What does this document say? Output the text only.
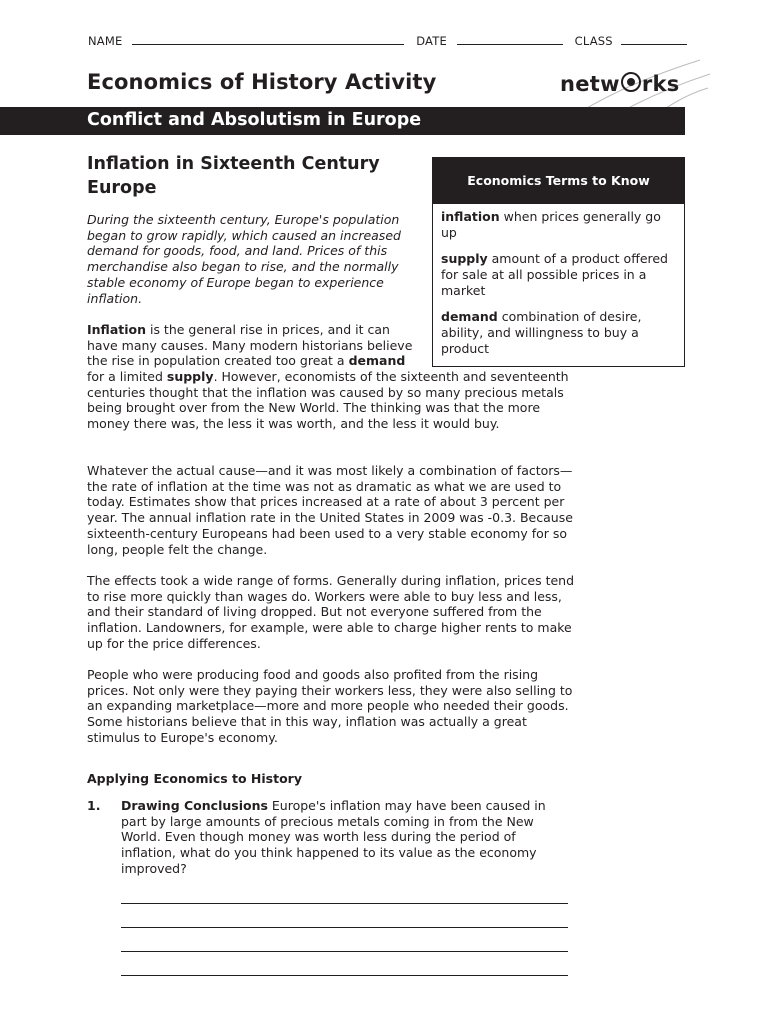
NAME	DATE	CLASS
Economics of History Activity	netw rks
Conflict and Absolutism in Europe
Inflation in Sixteenth Century Europe	Economics Terms to Know

inflation when prices generally go up

supply amount of a product offered for sale at all possible prices in a market

demand combination of desire, ability, and willingness to buy a product

During the sixteenth century, Europe's population began to grow rapidly, which caused an increased demand for goods, food, and land. Prices of this merchandise also began to rise, and the normally stable economy of Europe began to experience inflation.

Inflation is the general rise in prices, and it can have many causes. Many modern historians believe the rise in population created too great a demand

for a limited supply. However, economists of the sixteenth and seventeenth centuries thought that the inflation was caused by so many precious metals being brought over from the New World. The thinking was that the more money there was, the less it was worth, and the less it would buy.

Whatever the actual cause—and it was most likely a combination of factors—the rate of inflation at the time was not as dramatic as what we are used to today. Estimates show that prices increased at a rate of about 3 percent per year. The annual inflation rate in the United States in 2009 was -0.3. Because sixteenth-century Europeans had been used to a very stable economy for so long, people felt the change.

The effects took a wide range of forms. Generally during inflation, prices tend to rise more quickly than wages do. Workers were able to buy less and less, and their standard of living dropped. But not everyone suffered from the inflation. Landowners, for example, were able to charge higher rents to make up for the price differences.

People who were producing food and goods also profited from the rising prices. Not only were they paying their workers less, they were also selling to an expanding marketplace—more and more people who needed their goods. Some historians believe that in this way, inflation was actually a great stimulus to Europe's economy.

Applying Economics to History
1. Drawing Conclusions Europe's inflation may have been caused in part by large amounts of precious metals coming in from the New World. Even though money was worth less during the period of inflation, what do you think happened to its value as the economy improved?
